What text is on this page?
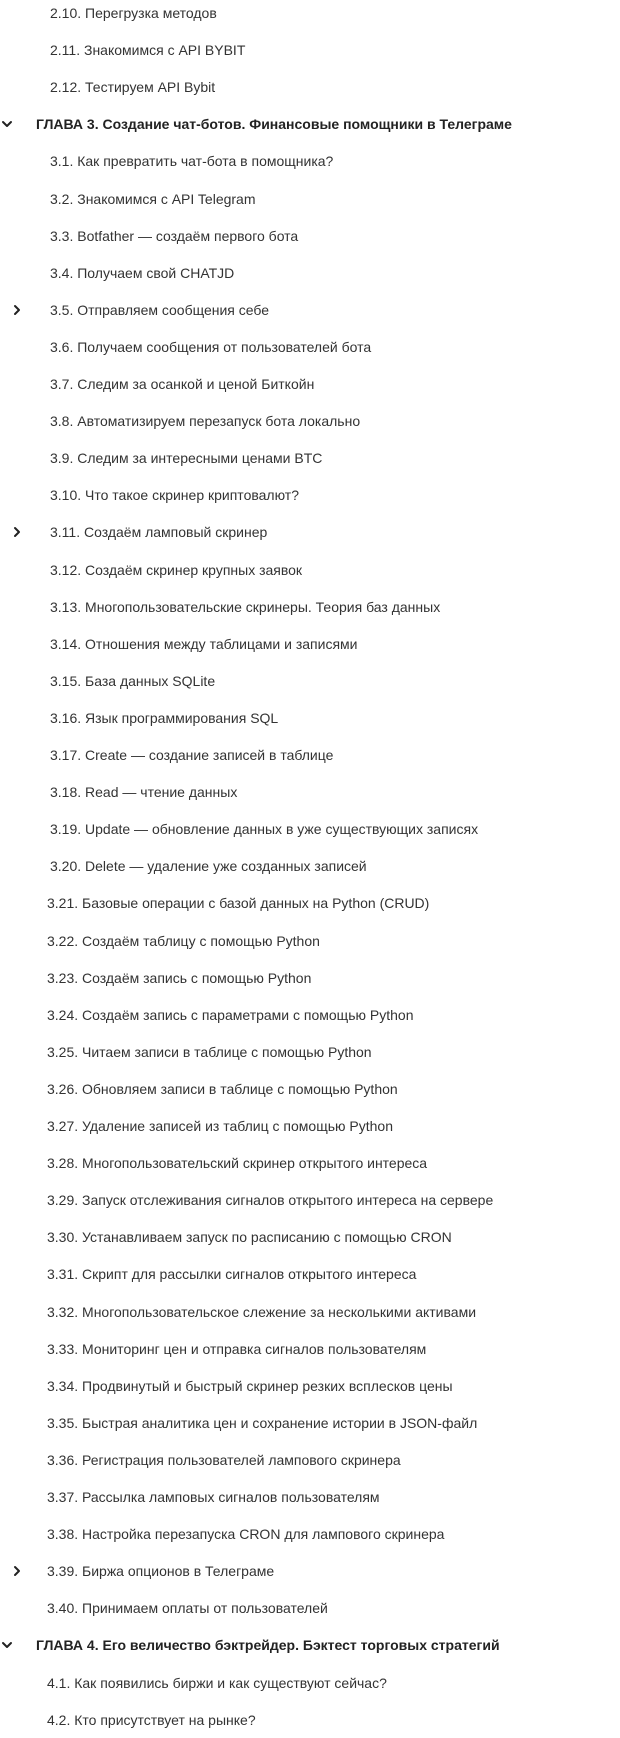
2.10. Перегрузка методов
2.11. Знакомимся с API BYBIT
2.12. Тестируем API Bybit
ГЛАВА 3. Создание чат-ботов. Финансовые помощники в Телеграме
3.1. Как превратить чат-бота в помощника?
3.2. Знакомимся с API Telegram
3.3. Botfather — создаём первого бота
3.4. Получаем свой CHATJD
3.5. Отправляем сообщения себе
3.6. Получаем сообщения от пользователей бота
3.7. Следим за осанкой и ценой Биткойн
3.8. Автоматизируем перезапуск бота локально
3.9. Следим за интересными ценами BTC
3.10. Что такое скринер криптовалют?
3.11. Создаём ламповый скринер
3.12. Создаём скринер крупных заявок
3.13. Многопользовательские скринеры. Теория баз данных
3.14. Отношения между таблицами и записями
3.15. База данных SQLite
3.16. Язык программирования SQL
3.17. Create — создание записей в таблице
3.18. Read — чтение данных
3.19. Update — обновление данных в уже существующих записях
3.20. Delete — удаление уже созданных записей
3.21. Базовые операции с базой данных на Python (CRUD)
3.22. Создаём таблицу с помощью Python
3.23. Создаём запись с помощью Python
3.24. Создаём запись с параметрами с помощью Python
3.25. Читаем записи в таблице с помощью Python
3.26. Обновляем записи в таблице с помощью Python
3.27. Удаление записей из таблиц с помощью Python
3.28. Многопользовательский скринер открытого интереса
3.29. Запуск отслеживания сигналов открытого интереса на сервере
3.30. Устанавливаем запуск по расписанию с помощью CRON
3.31. Скрипт для рассылки сигналов открытого интереса
3.32. Многопользовательское слежение за несколькими активами
3.33. Мониторинг цен и отправка сигналов пользователям
3.34. Продвинутый и быстрый скринер резких всплесков цены
3.35. Быстрая аналитика цен и сохранение истории в JSON-файл
3.36. Регистрация пользователей лампового скринера
3.37. Рассылка ламповых сигналов пользователям
3.38. Настройка перезапуска CRON для лампового скринера
3.39. Биржа опционов в Телеграме
3.40. Принимаем оплаты от пользователей
ГЛАВА 4. Его величество бэктрейдер. Бэктест торговых стратегий
4.1. Как появились биржи и как существуют сейчас?
4.2. Кто присутствует на рынке?
